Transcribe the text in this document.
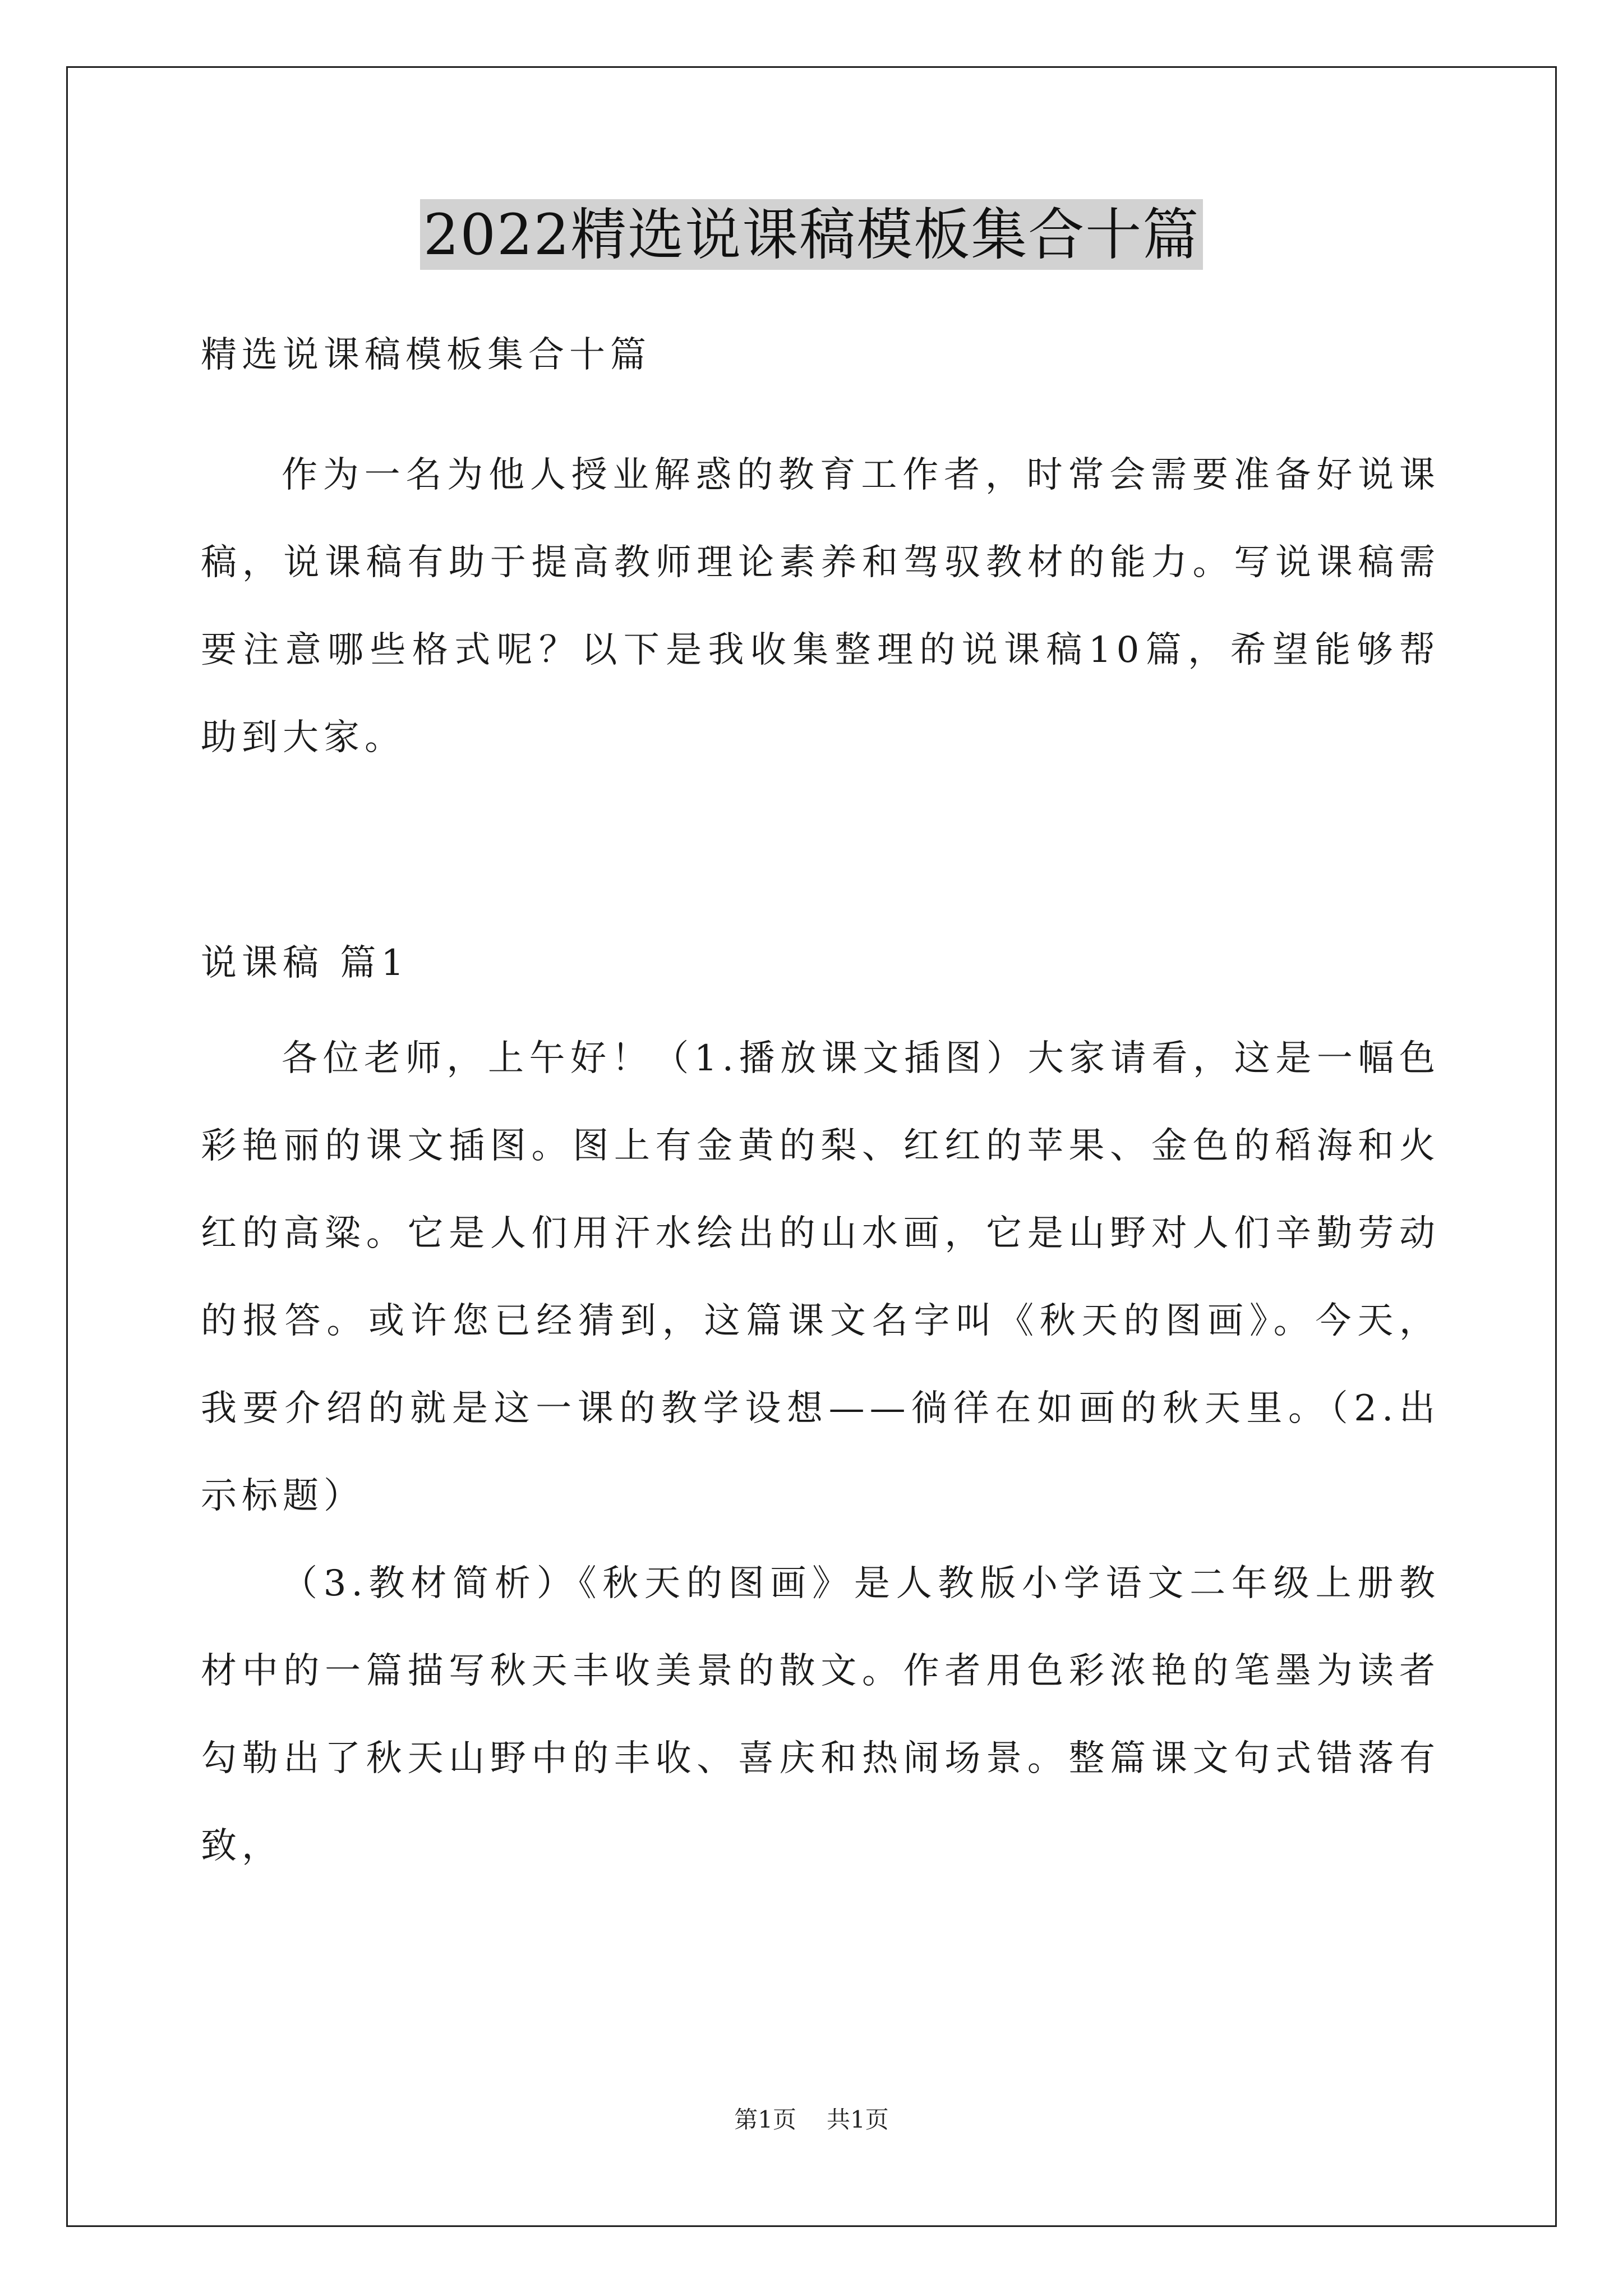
2022精选说课稿模板集合十篇

精选说课稿模板集合十篇

作为一名为他人授业解惑的教育工作者，时常会需要准备好说课稿，说课稿有助于提高教师理论素养和驾驭教材的能力。写说课稿需要注意哪些格式呢？以下是我收集整理的说课稿10篇，希望能够帮助到大家。

说课稿 篇1

各位老师，上午好！（1.播放课文插图）大家请看，这是一幅色彩艳丽的课文插图。图上有金黄的梨、红红的苹果、金色的稻海和火红的高粱。它是人们用汗水绘出的山水画，它是山野对人们辛勤劳动的报答。或许您已经猜到，这篇课文名字叫《秋天的图画》。今天，我要介绍的就是这一课的教学设想——徜徉在如画的秋天里。（2.出示标题）

（3.教材简析）《秋天的图画》是人教版小学语文二年级上册教材中的一篇描写秋天丰收美景的散文。作者用色彩浓艳的笔墨为读者勾勒出了秋天山野中的丰收、喜庆和热闹场景。整篇课文句式错落有致，

第1页 共1页
